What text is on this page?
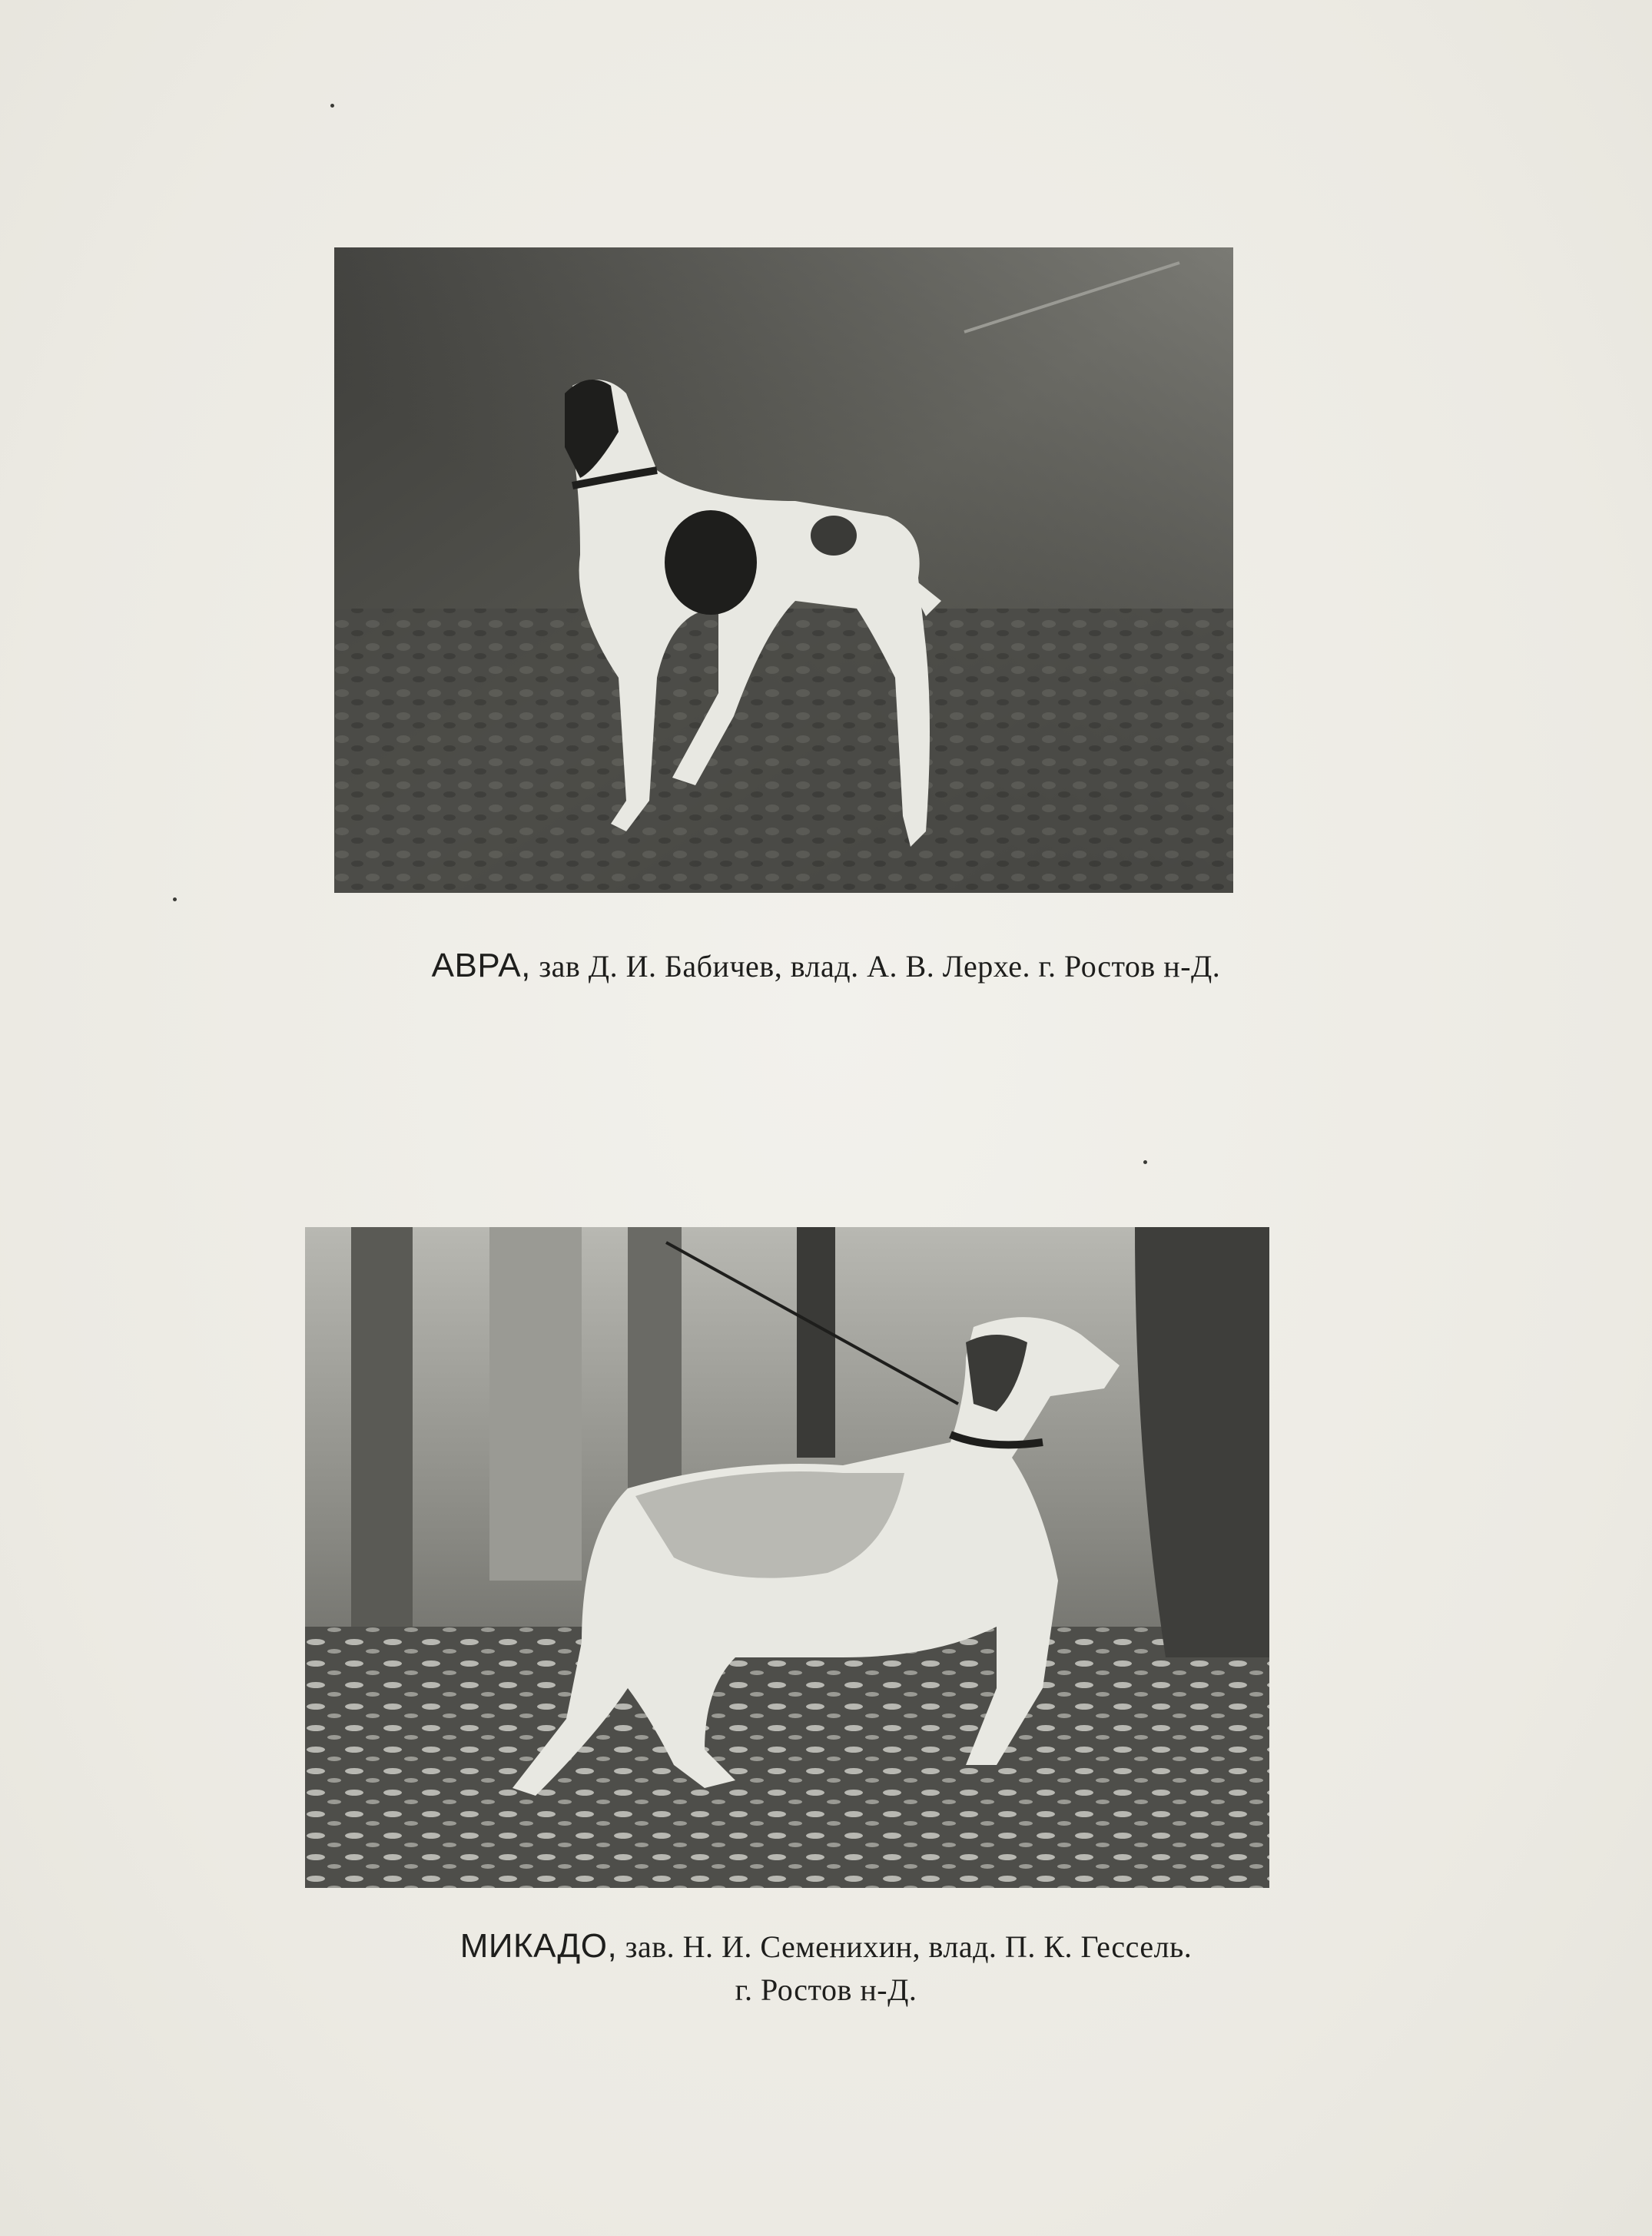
АВРА, зав Д. И. Бабичев, влад. А. В. Лерхе. г. Ростов н-Д.
МИКАДО, зав. Н. И. Семенихин, влад. П. К. Гессель.
г. Ростов н-Д.
